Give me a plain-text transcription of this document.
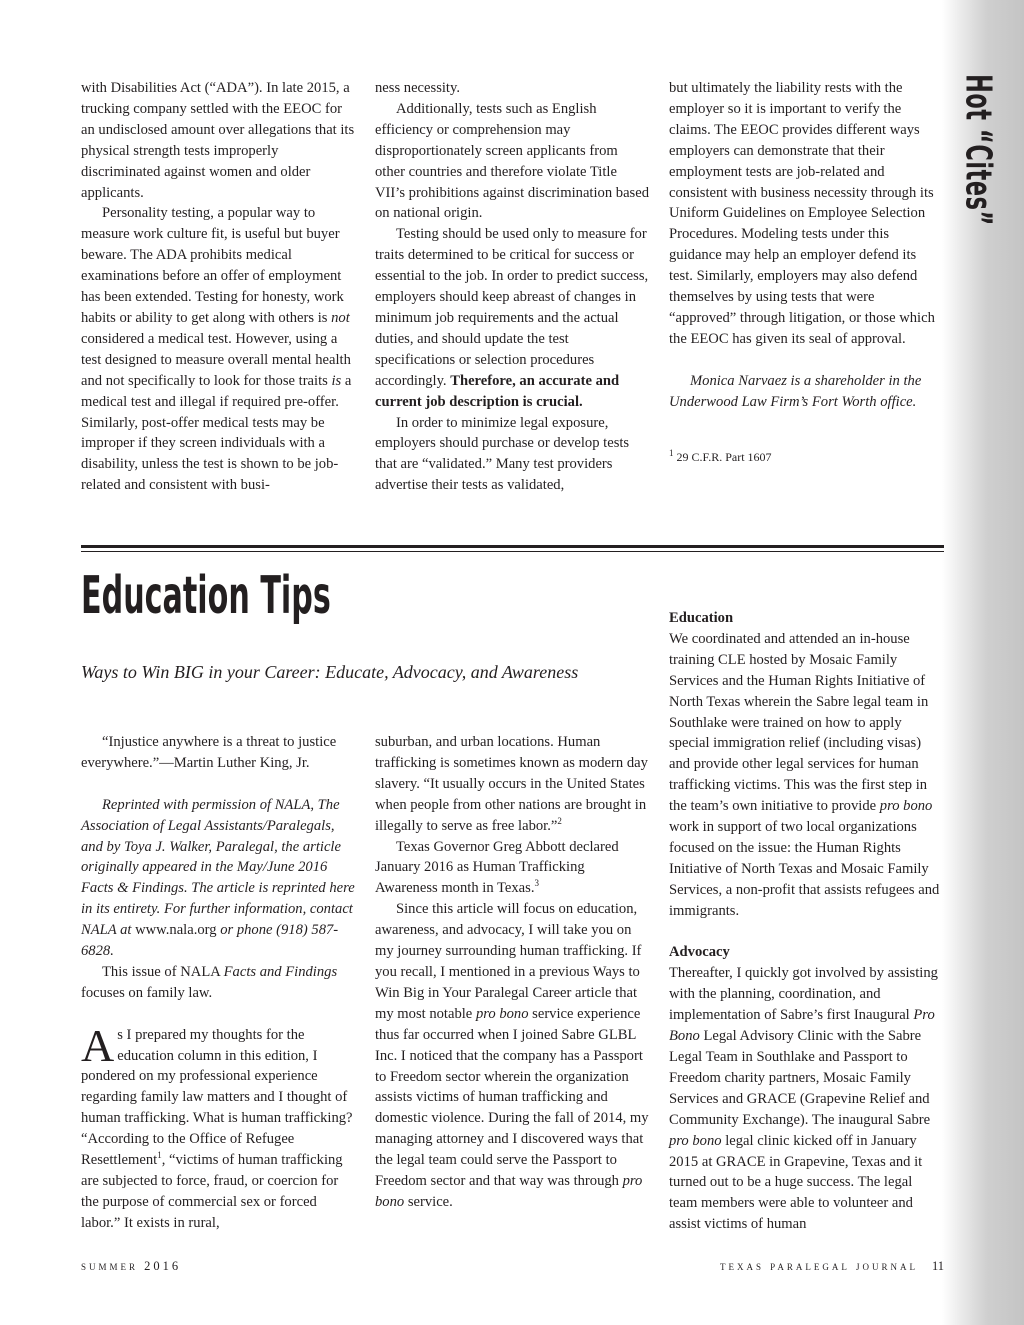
Hot “Cites”

with Disabilities Act (“ADA”). In late 2015, a trucking company settled with the EEOC for an undisclosed amount over allegations that its physical strength tests improperly discriminated against women and older applicants.

Personality testing, a popular way to measure work culture fit, is useful but buyer beware. The ADA prohibits medical examinations before an offer of employment has been extended. Testing for honesty, work habits or ability to get along with others is not considered a medical test. However, using a test designed to measure overall mental health and not specifically to look for those traits is a medical test and illegal if required pre-offer. Similarly, post-offer medical tests may be improper if they screen individuals with a disability, unless the test is shown to be job-related and consistent with busi-

ness necessity.

Additionally, tests such as English efficiency or comprehension may disproportionately screen applicants from other countries and therefore violate Title VII’s prohibitions against discrimination based on national origin.

Testing should be used only to measure for traits determined to be critical for success or essential to the job. In order to predict success, employers should keep abreast of changes in minimum job requirements and the actual duties, and should update the test specifications or selection procedures accordingly. Therefore, an accurate and current job description is crucial.

In order to minimize legal exposure, employers should purchase or develop tests that are “validated.” Many test providers advertise their tests as validated,

but ultimately the liability rests with the employer so it is important to verify the claims. The EEOC provides different ways employers can demonstrate that their employment tests are job-related and consistent with business necessity through its Uniform Guidelines on Employee Selection Procedures. Modeling tests under this guidance may help an employer defend its test. Similarly, employers may also defend themselves by using tests that were “approved” through litigation, or those which the EEOC has given its seal of approval.

Monica Narvaez is a shareholder in the Underwood Law Firm’s Fort Worth office.

$^1$ 29 C.F.R. Part 1607

Education Tips
Ways to Win BIG in your Career: Educate, Advocacy, and Awareness

“Injustice anywhere is a threat to justice everywhere.”—Martin Luther King, Jr.

Reprinted with permission of NALA, The Association of Legal Assistants/Paralegals, and by Toya J. Walker, Paralegal, the article originally appeared in the May/June 2016 Facts & Findings. The article is reprinted here in its entirety. For further information, contact NALA at www.nala.org or phone (918) 587-6828.

This issue of NALA Facts and Findings focuses on family law.

As I prepared my thoughts for the education column in this edition, I pondered on my professional experience regarding family law matters and I thought of human trafficking. What is human trafficking? “According to the Office of Refugee Resettlement$^1$, “victims of human trafficking are subjected to force, fraud, or coercion for the purpose of commercial sex or forced labor.” It exists in rural,

suburban, and urban locations. Human trafficking is sometimes known as modern day slavery. “It usually occurs in the United States when people from other nations are brought in illegally to serve as free labor.”$^2$

Texas Governor Greg Abbott declared January 2016 as Human Trafficking Awareness month in Texas.$^3$

Since this article will focus on education, awareness, and advocacy, I will take you on my journey surrounding human trafficking. If you recall, I mentioned in a previous Ways to Win Big in Your Paralegal Career article that my most notable pro bono service experience thus far occurred when I joined Sabre GLBL Inc. I noticed that the company has a Passport to Freedom sector wherein the organization assists victims of human trafficking and domestic violence. During the fall of 2014, my managing attorney and I discovered ways that the legal team could serve the Passport to Freedom sector and that way was through pro bono service.

Education

We coordinated and attended an in-house training CLE hosted by Mosaic Family Services and the Human Rights Initiative of North Texas wherein the Sabre legal team in Southlake were trained on how to apply special immigration relief (including visas) and provide other legal services for human trafficking victims. This was the first step in the team’s own initiative to provide pro bono work in support of two local organizations focused on the issue: the Human Rights Initiative of North Texas and Mosaic Family Services, a non-profit that assists refugees and immigrants.

Advocacy

Thereafter, I quickly got involved by assisting with the planning, coordination, and implementation of Sabre’s first Inaugural Pro Bono Legal Advisory Clinic with the Sabre Legal Team in Southlake and Passport to Freedom charity partners, Mosaic Family Services and GRACE (Grapevine Relief and Community Exchange). The inaugural Sabre pro bono legal clinic kicked off in January 2015 at GRACE in Grapevine, Texas and it turned out to be a huge success. The legal team members were able to volunteer and assist victims of human

summer 2016	texas paralegal journal 11
